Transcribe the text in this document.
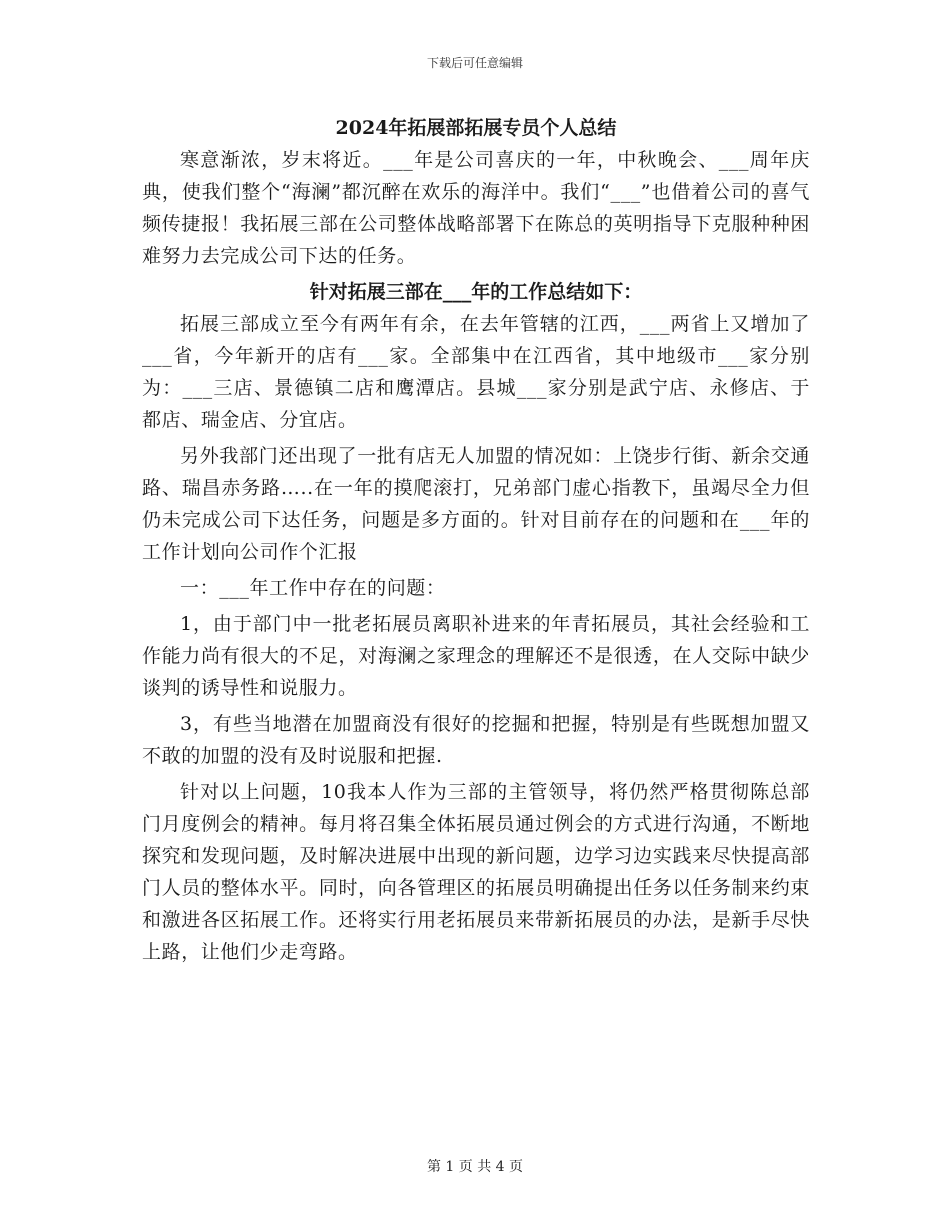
下载后可任意编辑
2024年拓展部拓展专员个人总结

寒意渐浓，岁末将近。___年是公司喜庆的一年，中秋晚会、___周年庆典，使我们整个“海澜”都沉醉在欢乐的海洋中。我们“___”也借着公司的喜气频传捷报！我拓展三部在公司整体战略部署下在陈总的英明指导下克服种种困难努力去完成公司下达的任务。

针对拓展三部在___年的工作总结如下：

拓展三部成立至今有两年有余，在去年管辖的江西，___两省上又增加了___省，今年新开的店有___家。全部集中在江西省，其中地级市___家分别为：___三店、景德镇二店和鹰潭店。县城___家分别是武宁店、永修店、于都店、瑞金店、分宜店。

另外我部门还出现了一批有店无人加盟的情况如：上饶步行街、新余交通路、瑞昌赤务路…..在一年的摸爬滚打，兄弟部门虚心指教下，虽竭尽全力但仍未完成公司下达任务，问题是多方面的。针对目前存在的问题和在___年的工作计划向公司作个汇报

一：___年工作中存在的问题：

1，由于部门中一批老拓展员离职补进来的年青拓展员，其社会经验和工作能力尚有很大的不足，对海澜之家理念的理解还不是很透，在人交际中缺少谈判的诱导性和说服力。

3，有些当地潜在加盟商没有很好的挖掘和把握，特别是有些既想加盟又不敢的加盟的没有及时说服和把握.

针对以上问题，10我本人作为三部的主管领导，将仍然严格贯彻陈总部门月度例会的精神。每月将召集全体拓展员通过例会的方式进行沟通，不断地探究和发现问题，及时解决进展中出现的新问题，边学习边实践来尽快提高部门人员的整体水平。同时，向各管理区的拓展员明确提出任务以任务制来约束和激进各区拓展工作。还将实行用老拓展员来带新拓展员的办法，是新手尽快上路，让他们少走弯路。

第 1 页 共 4 页
